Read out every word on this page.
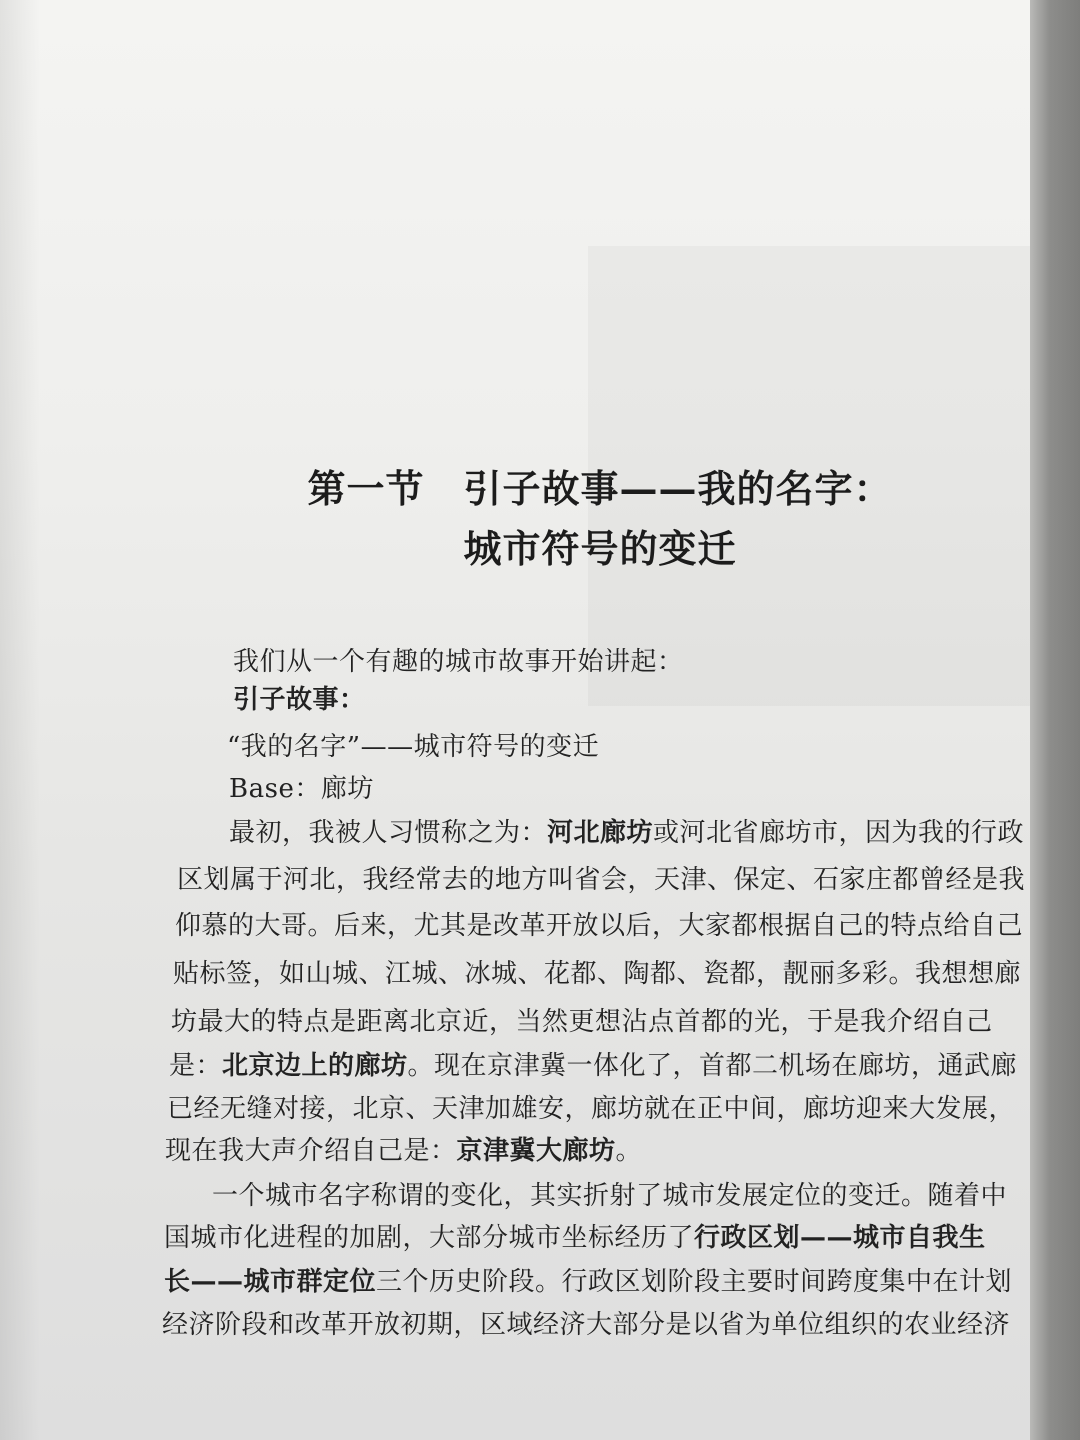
第一节　引子故事——我的名字：
城市符号的变迁
我们从一个有趣的城市故事开始讲起：
引子故事：
“我的名字”——城市符号的变迁
Base：廊坊
最初，我被人习惯称之为：河北廊坊或河北省廊坊市，因为我的行政
区划属于河北，我经常去的地方叫省会，天津、保定、石家庄都曾经是我
仰慕的大哥。后来，尤其是改革开放以后，大家都根据自己的特点给自己
贴标签，如山城、江城、冰城、花都、陶都、瓷都，靓丽多彩。我想想廊
坊最大的特点是距离北京近，当然更想沾点首都的光，于是我介绍自己
是：北京边上的廊坊。现在京津冀一体化了，首都二机场在廊坊，通武廊
已经无缝对接，北京、天津加雄安，廊坊就在正中间，廊坊迎来大发展，
现在我大声介绍自己是：京津冀大廊坊。
一个城市名字称谓的变化，其实折射了城市发展定位的变迁。随着中
国城市化进程的加剧，大部分城市坐标经历了行政区划——城市自我生
长——城市群定位三个历史阶段。行政区划阶段主要时间跨度集中在计划
经济阶段和改革开放初期，区域经济大部分是以省为单位组织的农业经济
